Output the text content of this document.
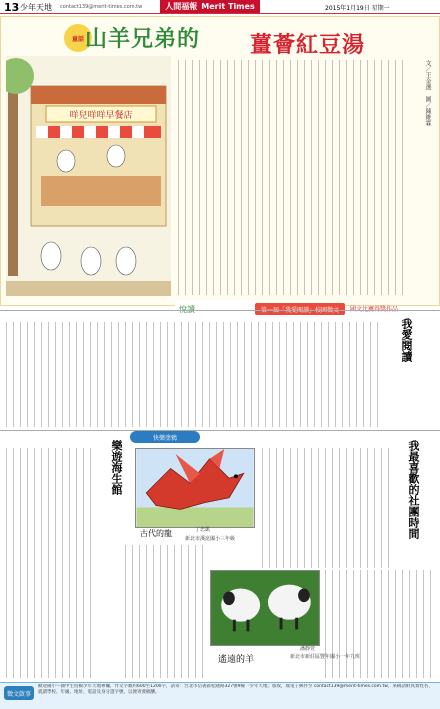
13 少年天地 contact139@merit-times.com.tw	人間福報 Merit Times	2015年1月19日 星期一
童話 山羊兄弟的 薑薈紅豆湯
咩兒咩咩早餐店	文／王金選　圖／陳維霖
悅讀	第一屆「我愛閱讀」校園徵文 國文比賽得獎作品
我愛閱讀
快樂塗鴉
樂遊海生館	我最喜歡的社團時間
古代的龍	丁忠凱
新北市溪崑國小三年級
遙遠的羊
潘靜萱
新北市新莊區豐年國小一年九班
徵文啟事
歡迎國小～國中生投稿少年天地專欄，作文字數約600至1200字，請寄：台北市信義區松隆路327號9樓「少年天地」版收，或電子郵件至 contact139@merit-times.com.tw，來稿請附真實姓名、就讀學校、年級、地址、電話及身分證字號，以便寄發稿酬。
